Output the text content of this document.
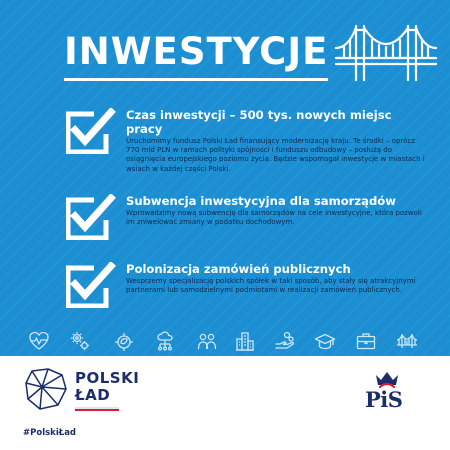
INWESTYCJE
Czas inwestycji – 500 tys. nowych miejsc pracy
Uruchomimy fundusz Polski Ład finansujący modernizację kraju. Te środki – oprócz 770 mld PLN w ramach polityki spójności i funduszu odbudowy – posłużą do osiągnięcia europejskiego poziomu życia. Będzie wspomagał inwestycje w miastach i wsiach w każdej części Polski.
Subwencja inwestycyjna dla samorządów
Wprowadzimy nową subwencję dla samorządów na cele inwestycyjne, która pozwoli im zniwelować zmiany w podatku dochodowym.
Polonizacja zamówień publicznych
Wesprzemy specjalizację polskich spółek w taki sposób, aby stały się atrakcyjnymi partnerami lub samodzielnymi podmiotami w realizacji zamówień publicznych.
POLSKI
ŁAD
#PolskiŁad
PiS
